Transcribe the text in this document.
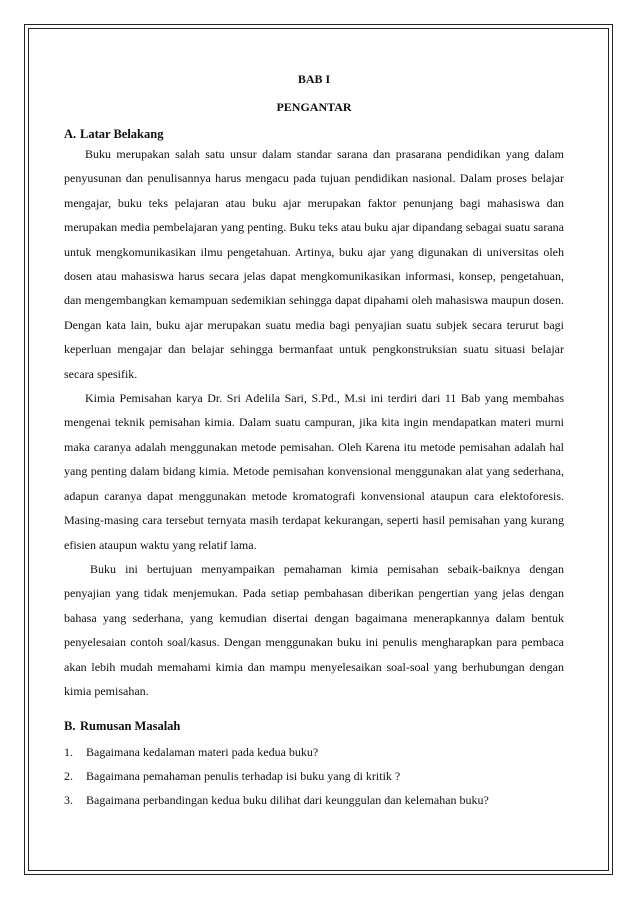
BAB I
PENGANTAR
A. Latar Belakang

Buku merupakan salah satu unsur dalam standar sarana dan prasarana pendidikan yang dalam penyusunan dan penulisannya harus mengacu pada tujuan pendidikan nasional. Dalam proses belajar mengajar, buku teks pelajaran atau buku ajar merupakan faktor penunjang bagi mahasiswa dan merupakan media pembelajaran yang penting. Buku teks atau buku ajar dipandang sebagai suatu sarana untuk mengkomunikasikan ilmu pengetahuan. Artinya, buku ajar yang digunakan di universitas oleh dosen atau mahasiswa harus secara jelas dapat mengkomunikasikan informasi, konsep, pengetahuan, dan mengembangkan kemampuan sedemikian sehingga dapat dipahami oleh mahasiswa maupun dosen. Dengan kata lain, buku ajar merupakan suatu media bagi penyajian suatu subjek secara terurut bagi keperluan mengajar dan belajar sehingga bermanfaat untuk pengkonstruksian suatu situasi belajar secara spesifik.

Kimia Pemisahan karya Dr. Sri Adelila Sari, S.Pd., M.si ini terdiri dari 11 Bab yang membahas mengenai teknik pemisahan kimia. Dalam suatu campuran, jika kita ingin mendapatkan materi murni maka caranya adalah menggunakan metode pemisahan. Oleh Karena itu metode pemisahan adalah hal yang penting dalam bidang kimia. Metode pemisahan konvensional menggunakan alat yang sederhana, adapun caranya dapat menggunakan metode kromatografi konvensional ataupun cara elektoforesis. Masing-masing cara tersebut ternyata masih terdapat kekurangan, seperti hasil pemisahan yang kurang efisien ataupun waktu yang relatif lama.

Buku ini bertujuan menyampaikan pemahaman kimia pemisahan sebaik-baiknya dengan penyajian yang tidak menjemukan. Pada setiap pembahasan diberikan pengertian yang jelas dengan bahasa yang sederhana, yang kemudian disertai dengan bagaimana menerapkannya dalam bentuk penyelesaian contoh soal/kasus. Dengan menggunakan buku ini penulis mengharapkan para pembaca akan lebih mudah memahami kimia dan mampu menyelesaikan soal-soal yang berhubungan dengan kimia pemisahan.

B. Rumusan Masalah
1.	Bagaimana kedalaman materi pada kedua buku?
2.	Bagaimana pemahaman penulis terhadap isi buku yang di kritik ?
3.	Bagaimana perbandingan kedua buku dilihat dari keunggulan dan kelemahan buku?
